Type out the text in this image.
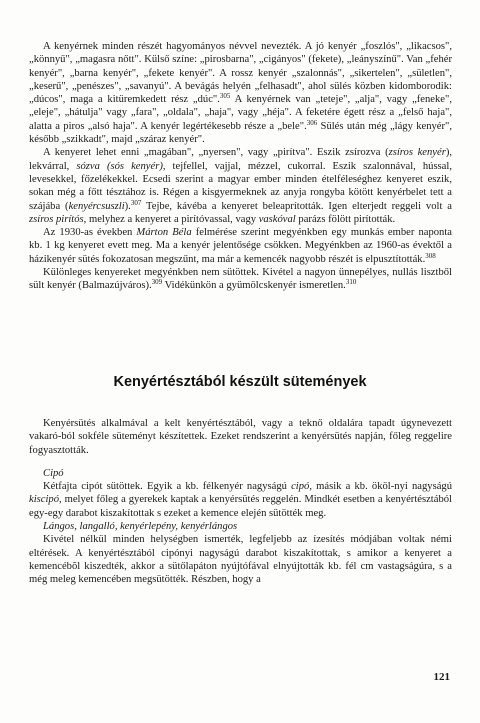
A kenyérnek minden részét hagyományos névvel nevezték. A jó kenyér „foszlós", „likacsos", „könnyű", „magasra nőtt". Külső színe: „pirosbarna", „cigányos" (fekete), „leányszínű". Van „fehér kenyér", „barna kenyér", „fekete kenyér". A rossz kenyér „szalonnás", „sikertelen", „sületlen", „keserű", „penészes", „savanyú". A bevágás helyén „felhasadt", ahol sülés közben kidomborodik: „dúcos", maga a kitüremkedett rész „dúc".$^{305}$ A kenyérnek van „teteje", „alja", vagy „feneke", „eleje", „hátulja" vagy „fara", „oldala", „haja", vagy „héja". A feketére égett rész a „felső haja", alatta a piros „alsó haja". A kenyér legértékesebb része a „bele".$^{306}$ Sülés után még „lágy kenyér", később „szikkadt", majd „száraz kenyér".

A kenyeret lehet enni „magában", „nyersen", vagy „pirítva". Eszik zsírozva (zsíros kenyér), lekvárral, sózva (sós kenyér), tejfellel, vajjal, mézzel, cukorral. Eszik szalonnával, hússal, levesekkel, főzelékekkel. Ecsedi szerint a magyar ember minden ételféleséghez kenyeret eszik, sokan még a főtt tésztához is. Régen a kisgyermeknek az anyja rongyba kötött kenyérbelet tett a szájába (kenyércsuszli).$^{307}$ Tejbe, kávéba a kenyeret beleaprították. Igen elterjedt reggeli volt a zsíros pirítós, melyhez a kenyeret a pirítóvassal, vagy vaskóval parázs fölött pirították.

Az 1930-as években Márton Béla felmérése szerint megyénkben egy munkás ember naponta kb. 1 kg kenyeret evett meg. Ma a kenyér jelentősége csökken. Megyénkben az 1960-as évektől a házikenyér sütés fokozatosan megszűnt, ma már a kemencék nagyobb részét is elpusztították.$^{308}$

Különleges kenyereket megyénkben nem sütöttek. Kivétel a nagyon ünnepélyes, nullás lisztből sült kenyér (Balmazújváros).$^{309}$ Vidékünkön a gyümölcskenyér ismeretlen.$^{310}$

Kenyértésztából készült sütemények

Kenyérsütés alkalmával a kelt kenyértésztából, vagy a teknő oldalára tapadt úgynevezett vakaró-ból sokféle süteményt készítettek. Ezeket rendszerint a kenyérsütés napján, főleg reggelire fogyasztották.

Cipó

Kétfajta cipót sütöttek. Egyik a kb. félkenyér nagyságú cipó, másik a kb. ököl-nyi nagyságú kiscipó, melyet főleg a gyerekek kaptak a kenyérsütés reggelén. Mindkét esetben a kenyértésztából egy-egy darabot kiszakítottak s ezeket a kemence elején sütötték meg.

Lángos, langalló, kenyérlepény, kenyérlángos

Kivétel nélkül minden helységben ismerték, legfeljebb az ízesítés módjában voltak némi eltérések. A kenyértésztából cipónyi nagyságú darabot kiszakítottak, s amikor a kenyeret a kemencébõl kiszedték, akkor a sütőlapáton nyújtófával elnyújtották kb. fél cm vastagságúra, s a még meleg kemencében megsütötték. Részben, hogy a

121
